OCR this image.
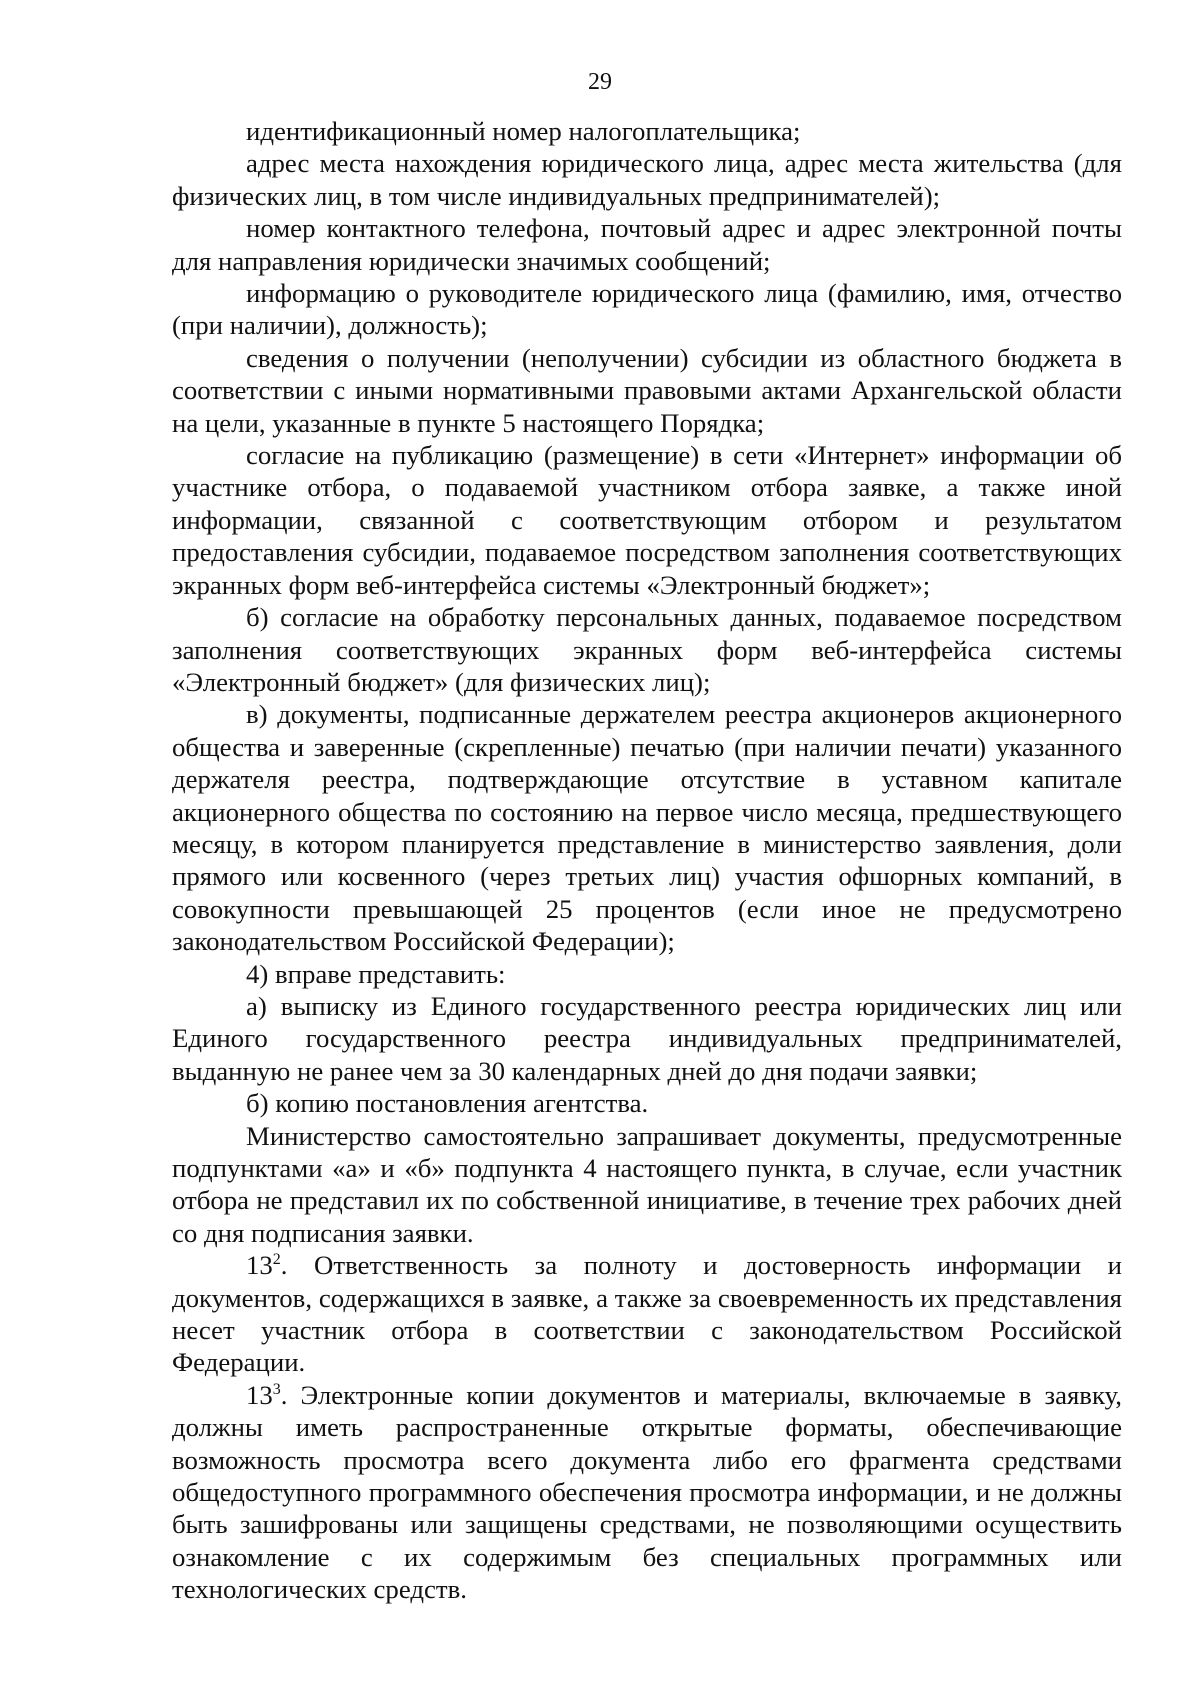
29

идентификационный номер налогоплательщика;

адрес места нахождения юридического лица, адрес места жительства (для физических лиц, в том числе индивидуальных предпринимателей);

номер контактного телефона, почтовый адрес и адрес электронной почты для направления юридически значимых сообщений;

информацию о руководителе юридического лица (фамилию, имя, отчество (при наличии), должность);

сведения о получении (неполучении) субсидии из областного бюджета в соответствии с иными нормативными правовыми актами Архангельской области на цели, указанные в пункте 5 настоящего Порядка;

согласие на публикацию (размещение) в сети «Интернет» информации об участнике отбора, о подаваемой участником отбора заявке, а также иной информации, связанной с соответствующим отбором и результатом предоставления субсидии, подаваемое посредством заполнения соответствующих экранных форм веб-интерфейса системы «Электронный бюджет»;

б) согласие на обработку персональных данных, подаваемое посредством заполнения соответствующих экранных форм веб-интерфейса системы «Электронный бюджет» (для физических лиц);

в) документы, подписанные держателем реестра акционеров акционерного общества и заверенные (скрепленные) печатью (при наличии печати) указанного держателя реестра, подтверждающие отсутствие в уставном капитале акционерного общества по состоянию на первое число месяца, предшествующего месяцу, в котором планируется представление в министерство заявления, доли прямого или косвенного (через третьих лиц) участия офшорных компаний, в совокупности превышающей 25 процентов (если иное не предусмотрено законодательством Российской Федерации);

4) вправе представить:

а) выписку из Единого государственного реестра юридических лиц или Единого государственного реестра индивидуальных предпринимателей, выданную не ранее чем за 30 календарных дней до дня подачи заявки;

б) копию постановления агентства.

Министерство самостоятельно запрашивает документы, предусмотренные подпунктами «а» и «б» подпункта 4 настоящего пункта, в случае, если участник отбора не представил их по собственной инициативе, в течение трех рабочих дней со дня подписания заявки.

$13^2$. Ответственность за полноту и достоверность информации и документов, содержащихся в заявке, а также за своевременность их представления несет участник отбора в соответствии с законодательством Российской Федерации.

$13^3$. Электронные копии документов и материалы, включаемые в заявку, должны иметь распространенные открытые форматы, обеспечивающие возможность просмотра всего документа либо его фрагмента средствами общедоступного программного обеспечения просмотра информации, и не должны быть зашифрованы или защищены средствами, не позволяющими осуществить ознакомление с их содержимым без специальных программных или технологических средств.
